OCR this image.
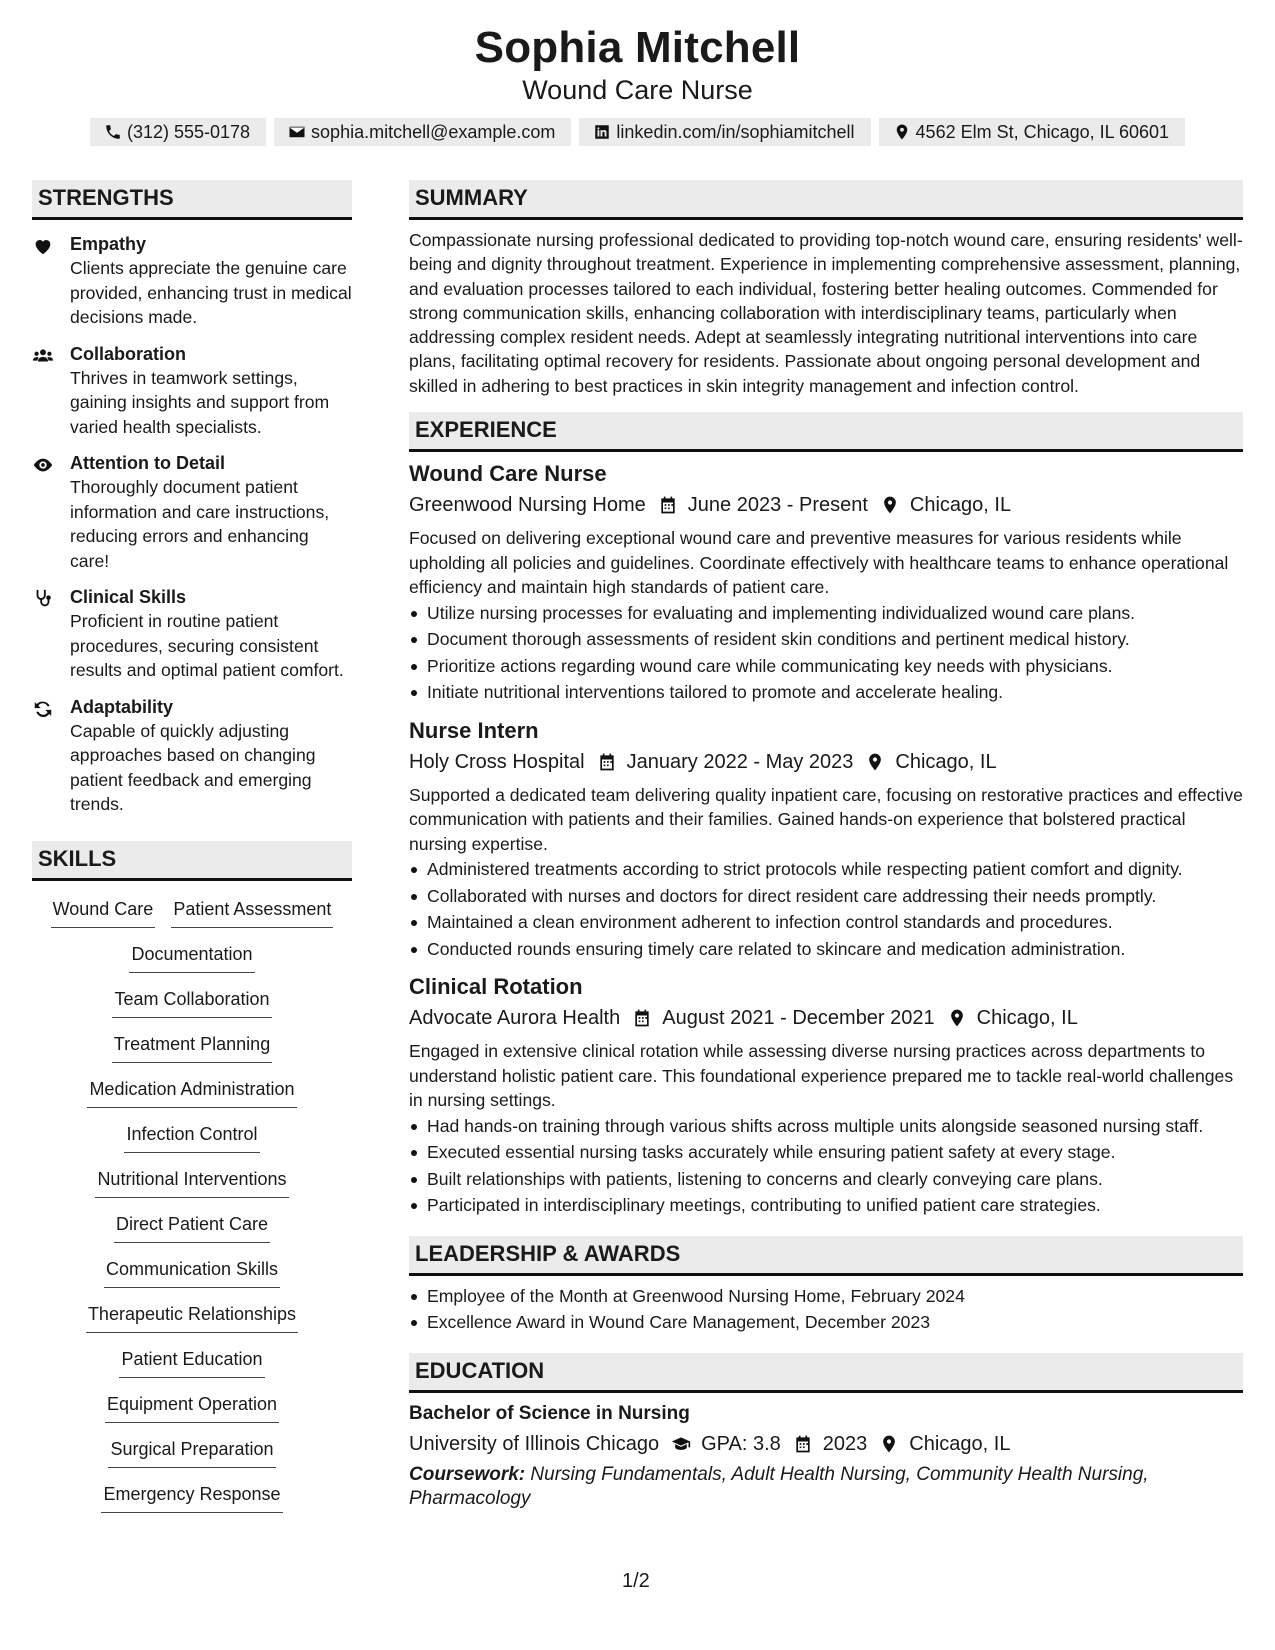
Sophia Mitchell
Wound Care Nurse
(312) 555-0178	sophia.mitchell@example.com	linkedin.com/in/sophiamitchell	4562 Elm St, Chicago, IL 60601
STRENGTHS
Empathy
Clients appreciate the genuine care provided, enhancing trust in medical decisions made.
Collaboration
Thrives in teamwork settings, gaining insights and support from varied health specialists.
Attention to Detail
Thoroughly document patient information and care instructions, reducing errors and enhancing care!
Clinical Skills
Proficient in routine patient procedures, securing consistent results and optimal patient comfort.
Adaptability
Capable of quickly adjusting approaches based on changing patient feedback and emerging trends.
SKILLS
Wound Care Patient Assessment
Documentation
Team Collaboration
Treatment Planning
Medication Administration
Infection Control
Nutritional Interventions
Direct Patient Care
Communication Skills
Therapeutic Relationships
Patient Education
Equipment Operation
Surgical Preparation
Emergency Response
SUMMARY
Compassionate nursing professional dedicated to providing top-notch wound care, ensuring residents' well-being and dignity throughout treatment. Experience in implementing comprehensive assessment, planning, and evaluation processes tailored to each individual, fostering better healing outcomes. Commended for strong communication skills, enhancing collaboration with interdisciplinary teams, particularly when addressing complex resident needs. Adept at seamlessly integrating nutritional interventions into care plans, facilitating optimal recovery for residents. Passionate about ongoing personal development and skilled in adhering to best practices in skin integrity management and infection control.
EXPERIENCE
Wound Care Nurse
Greenwood Nursing Home June 2023 - Present Chicago, IL
Focused on delivering exceptional wound care and preventive measures for various residents while upholding all policies and guidelines. Coordinate effectively with healthcare teams to enhance operational efficiency and maintain high standards of patient care.
Utilize nursing processes for evaluating and implementing individualized wound care plans.
Document thorough assessments of resident skin conditions and pertinent medical history.
Prioritize actions regarding wound care while communicating key needs with physicians.
Initiate nutritional interventions tailored to promote and accelerate healing.
Nurse Intern
Holy Cross Hospital January 2022 - May 2023 Chicago, IL
Supported a dedicated team delivering quality inpatient care, focusing on restorative practices and effective communication with patients and their families. Gained hands-on experience that bolstered practical nursing expertise.
Administered treatments according to strict protocols while respecting patient comfort and dignity.
Collaborated with nurses and doctors for direct resident care addressing their needs promptly.
Maintained a clean environment adherent to infection control standards and procedures.
Conducted rounds ensuring timely care related to skincare and medication administration.
Clinical Rotation
Advocate Aurora Health August 2021 - December 2021 Chicago, IL
Engaged in extensive clinical rotation while assessing diverse nursing practices across departments to understand holistic patient care. This foundational experience prepared me to tackle real-world challenges in nursing settings.
Had hands-on training through various shifts across multiple units alongside seasoned nursing staff.
Executed essential nursing tasks accurately while ensuring patient safety at every stage.
Built relationships with patients, listening to concerns and clearly conveying care plans.
Participated in interdisciplinary meetings, contributing to unified patient care strategies.
LEADERSHIP & AWARDS
Employee of the Month at Greenwood Nursing Home, February 2024
Excellence Award in Wound Care Management, December 2023
EDUCATION
Bachelor of Science in Nursing
University of Illinois Chicago GPA: 3.8 2023 Chicago, IL
Coursework: Nursing Fundamentals, Adult Health Nursing, Community Health Nursing, Pharmacology
1/2
